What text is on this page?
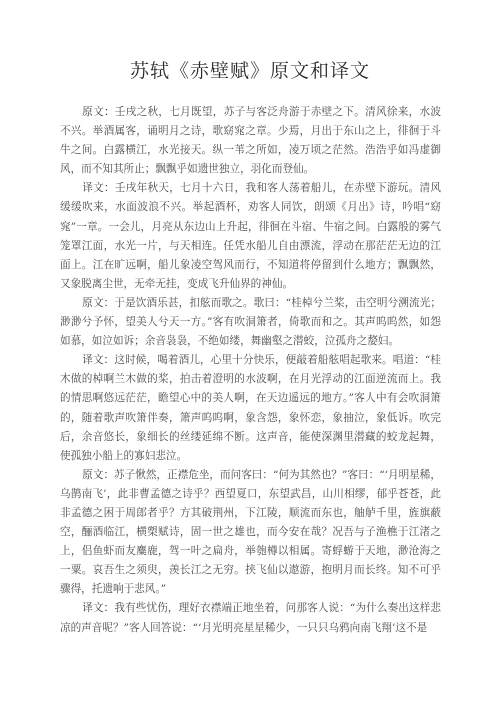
苏轼《赤壁赋》原文和译文

原文：壬戌之秋，七月既望，苏子与客泛舟游于赤壁之下。清风徐来，水波不兴。举酒属客，诵明月之诗，歌窈窕之章。少焉，月出于东山之上，徘徊于斗牛之间。白露横江，水光接天。纵一苇之所如，凌万顷之茫然。浩浩乎如冯虚御风，而不知其所止；飘飘乎如遗世独立，羽化而登仙。

译文：壬戌年秋天，七月十六日，我和客人荡着船儿，在赤壁下游玩。清风缓缓吹来，水面波浪不兴。举起酒杯，劝客人同饮，朗颂《月出》诗，吟唱“窈窕”一章。一会儿，月亮从东边山上升起，徘徊在斗宿、牛宿之间。白露般的雾气笼罩江面，水光一片，与天相连。任凭水船儿自由漂流，浮动在那茫茫无边的江面上。江在旷远啊，船儿象凌空驾风而行，不知道将停留到什么地方；飘飘然，又象脱离尘世，无牵无挂，变成飞升仙界的神仙。

原文：于是饮酒乐甚，扣舷而歌之。歌曰：“桂棹兮兰桨，击空明兮溯流光；渺渺兮予怀，望美人兮天一方。”客有吹洞箫者，倚歌而和之。其声呜呜然，如怨如慕，如泣如诉；余音袅袅，不绝如缕，舞幽壑之潜蛟，泣孤舟之嫠妇。

译文：这时候，喝着酒儿，心里十分快乐，便敲着船舷唱起歌来。唱道：“桂木做的棹啊兰木做的桨，拍击着澄明的水波啊，在月光浮动的江面逆流而上。我的情思啊悠远茫茫，瞻望心中的美人啊，在天边遥远的地方。”客人中有会吹洞箫的，随着歌声吹箫伴奏，箫声呜呜啊，象含怨，象怀恋，象抽泣，象低诉。吹完后，余音悠长，象细长的丝缕延绵不断。这声音，能使深渊里潜藏的蛟龙起舞，使孤独小船上的寡妇悲泣。

原文：苏子愀然，正襟危坐，而问客曰：“何为其然也？”客曰：“‘月明星稀，乌鹊南飞’，此非曹孟德之诗乎？西望夏口，东望武昌，山川相缪，郁乎苍苍，此非孟德之困于周郎者乎？方其破荆州，下江陵，顺流而东也，舳舻千里，旌旗蔽空，酾酒临江，横槊赋诗，固一世之雄也，而今安在哉？况吾与子渔樵于江渚之上，侣鱼虾而友麋鹿，驾一叶之扁舟，举匏樽以相属。寄蜉蝣于天地，渺沧海之一粟。哀吾生之须臾，羡长江之无穷。挟飞仙以遨游，抱明月而长终。知不可乎骤得，托遗响于悲风。”

译文：我有些忧伤，理好衣襟端正地坐着，问那客人说：“为什么奏出这样悲凉的声音呢？”客人回答说：“‘月光明亮星星稀少，一只只乌鸦向南飞翔’这不是
